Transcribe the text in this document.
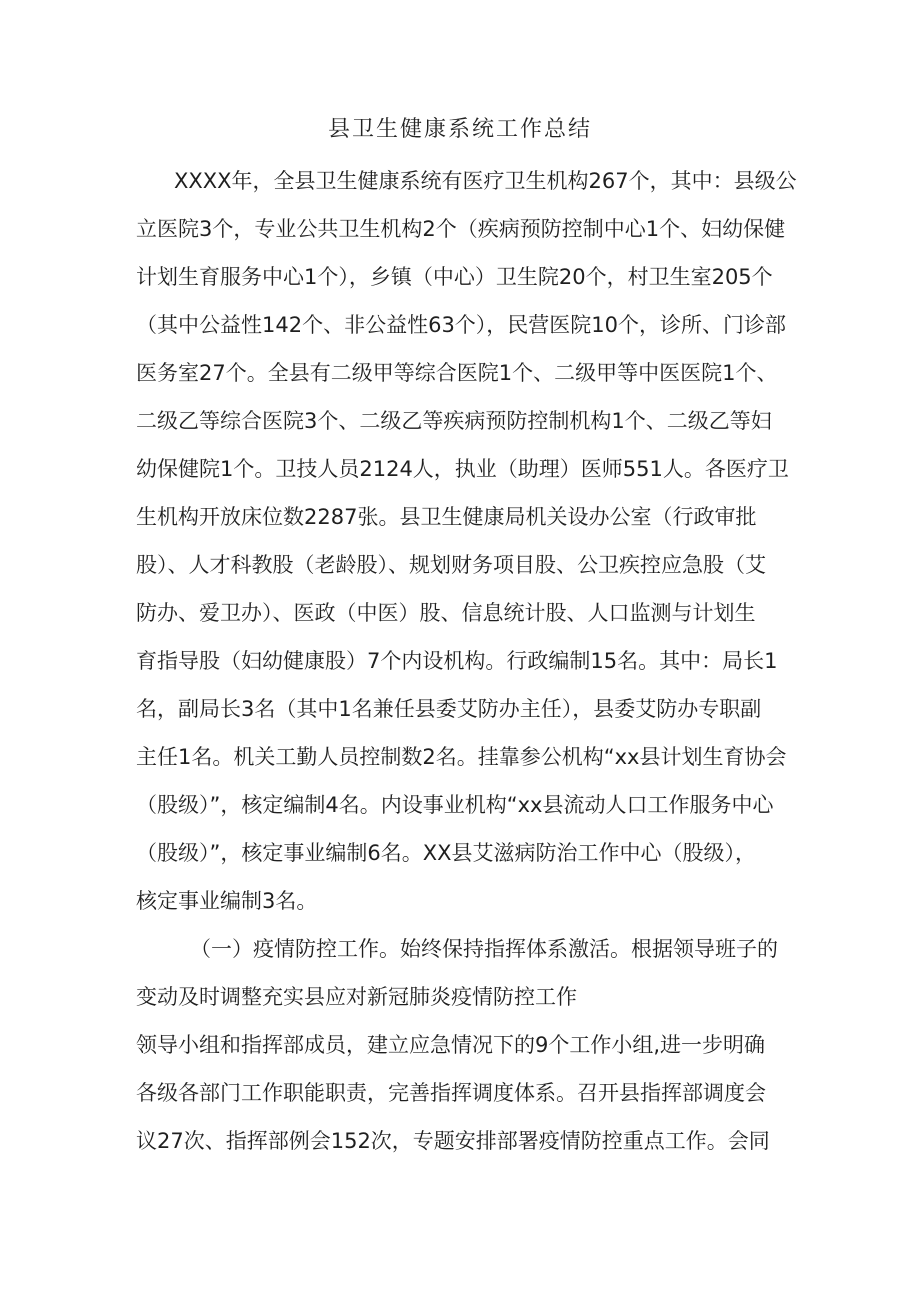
县卫生健康系统工作总结
XXXX年，全县卫生健康系统有医疗卫生机构267个，其中：县级公
立医院3个，专业公共卫生机构2个（疾病预防控制中心1个、妇幼保健
计划生育服务中心1个），乡镇（中心）卫生院20个，村卫生室205个
（其中公益性142个、非公益性63个），民营医院10个，诊所、门诊部
医务室27个。全县有二级甲等综合医院1个、二级甲等中医医院1个、
二级乙等综合医院3个、二级乙等疾病预防控制机构1个、二级乙等妇
幼保健院1个。卫技人员2124人，执业（助理）医师551人。各医疗卫
生机构开放床位数2287张。县卫生健康局机关设办公室（行政审批
股）、人才科教股（老龄股）、规划财务项目股、公卫疾控应急股（艾
防办、爱卫办）、医政（中医）股、信息统计股、人口监测与计划生
育指导股（妇幼健康股）7个内设机构。行政编制15名。其中：局长1
名，副局长3名（其中1名兼任县委艾防办主任），县委艾防办专职副
主任1名。机关工勤人员控制数2名。挂靠参公机构“xx县计划生育协会
（股级）”，核定编制4名。内设事业机构“xx县流动人口工作服务中心
（股级）”，核定事业编制6名。XX县艾滋病防治工作中心（股级），
核定事业编制3名。
（一）疫情防控工作。始终保持指挥体系激活。根据领导班子的
变动及时调整充实县应对新冠肺炎疫情防控工作
领导小组和指挥部成员，建立应急情况下的9个工作小组,进一步明确
各级各部门工作职能职责，完善指挥调度体系。召开县指挥部调度会
议27次、指挥部例会152次，专题安排部署疫情防控重点工作。会同
